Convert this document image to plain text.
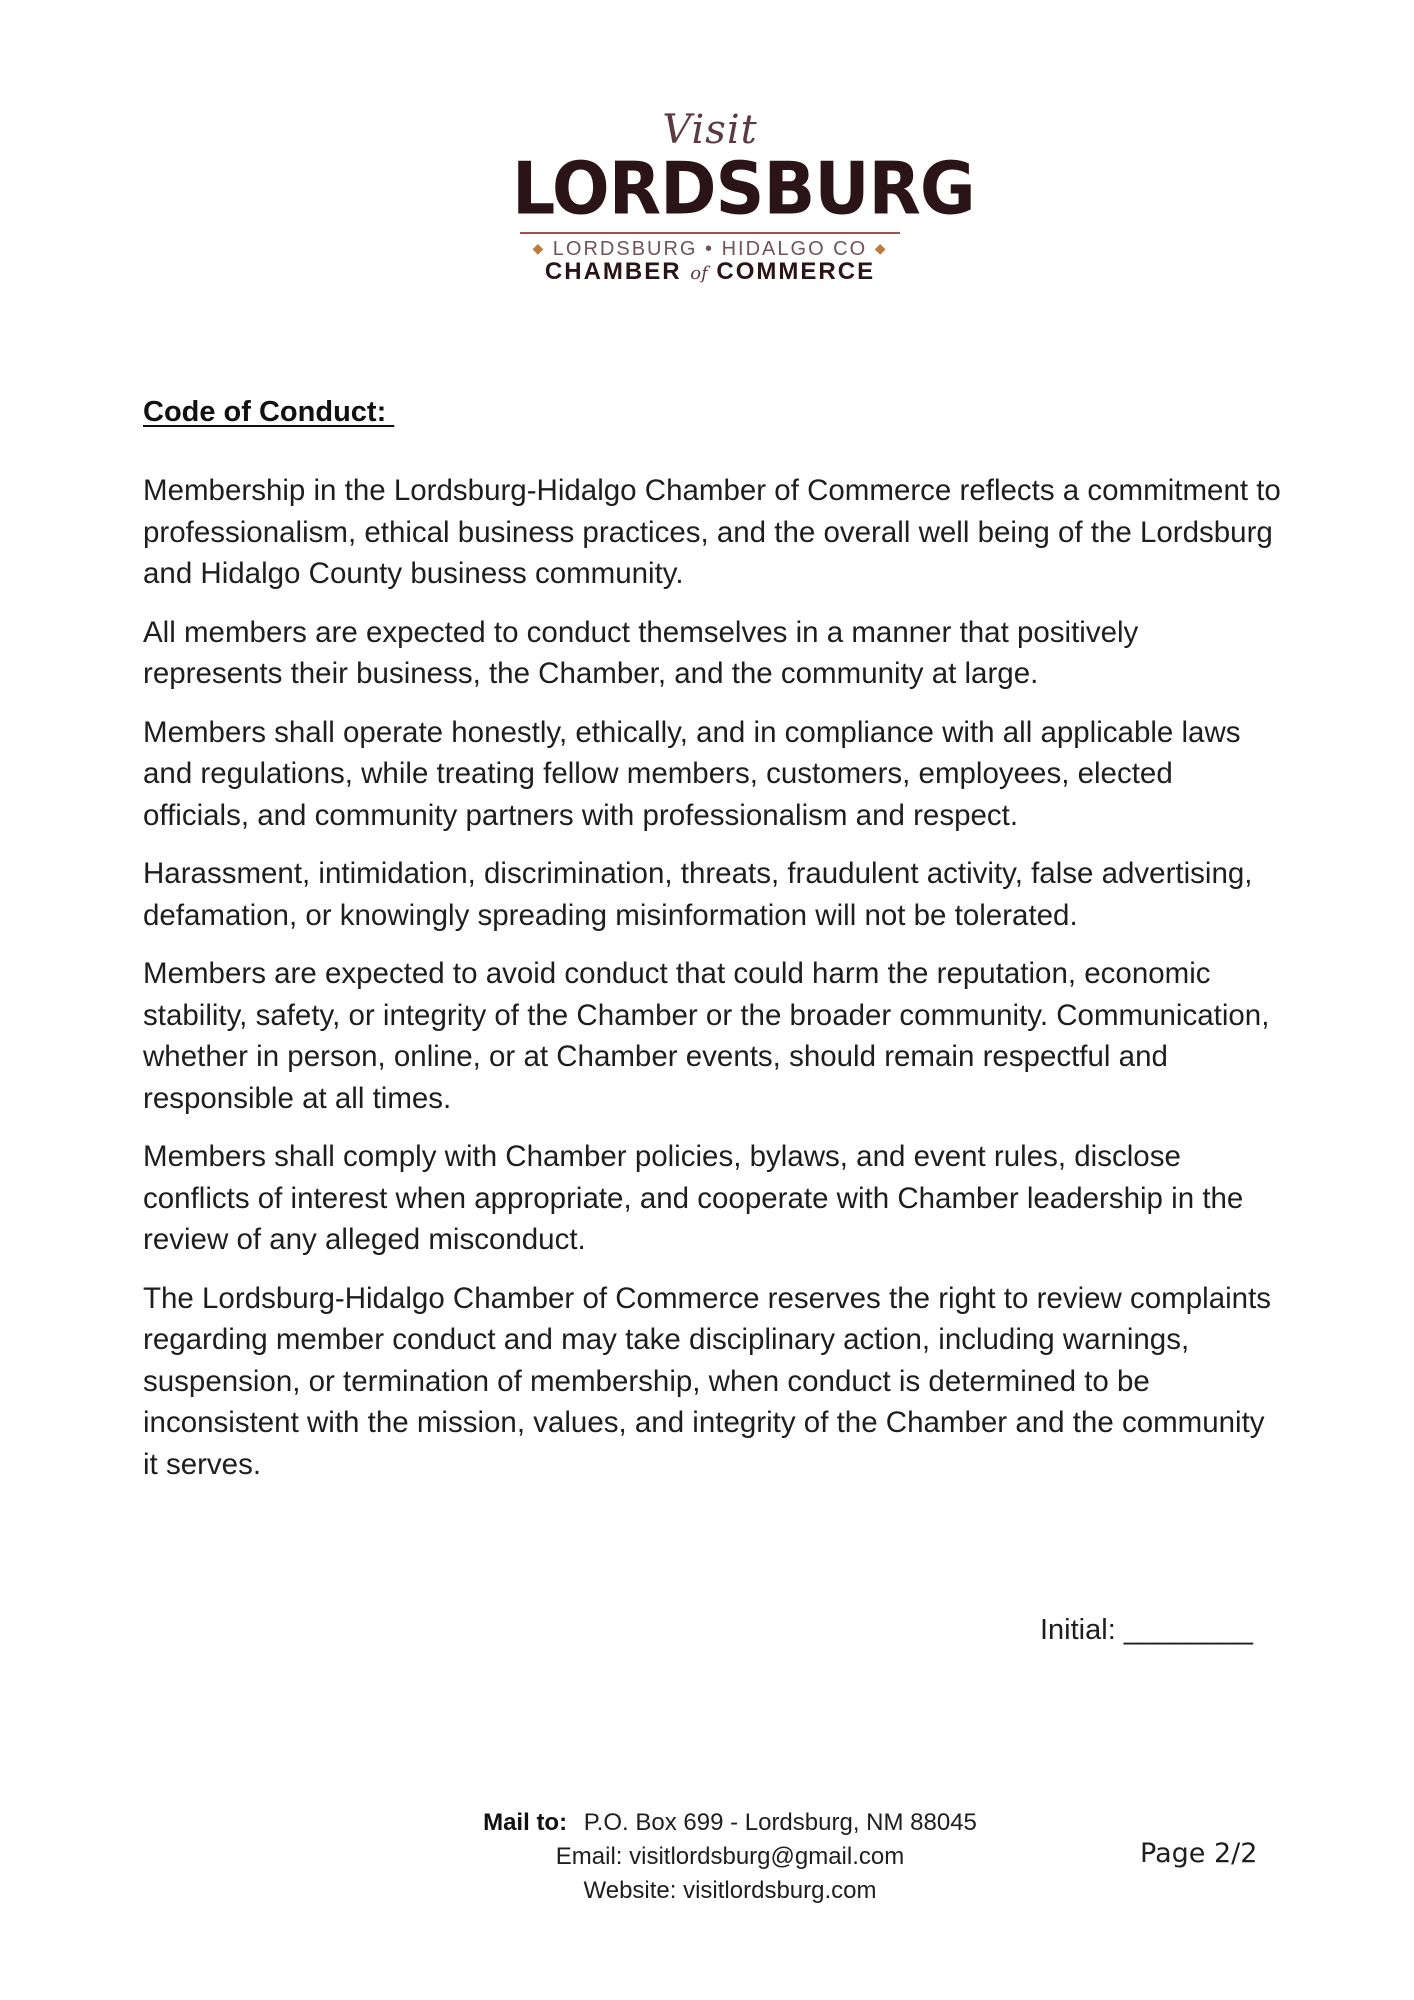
Visit
LORDSBURG
◆ LORDSBURG • HIDALGO CO ◆
CHAMBER of COMMERCE
Code of Conduct:

Membership in the Lordsburg-Hidalgo Chamber of Commerce reflects a commitment to professionalism, ethical business practices, and the overall well being of the Lordsburg and Hidalgo County business community.

All members are expected to conduct themselves in a manner that positively represents their business, the Chamber, and the community at large.

Members shall operate honestly, ethically, and in compliance with all applicable laws and regulations, while treating fellow members, customers, employees, elected officials, and community partners with professionalism and respect.

Harassment, intimidation, discrimination, threats, fraudulent activity, false advertising, defamation, or knowingly spreading misinformation will not be tolerated.

Members are expected to avoid conduct that could harm the reputation, economic stability, safety, or integrity of the Chamber or the broader community. Communication, whether in person, online, or at Chamber events, should remain respectful and responsible at all times.

Members shall comply with Chamber policies, bylaws, and event rules, disclose conflicts of interest when appropriate, and cooperate with Chamber leadership in the review of any alleged misconduct.

The Lordsburg-Hidalgo Chamber of Commerce reserves the right to review complaints regarding member conduct and may take disciplinary action, including warnings, suspension, or termination of membership, when conduct is determined to be inconsistent with the mission, values, and integrity of the Chamber and the community it serves.

Initial: ________
Mail to: P.O. Box 699 - Lordsburg, NM 88045
Email: visitlordsburg@gmail.com
Website: visitlordsburg.com
Page 2/2
